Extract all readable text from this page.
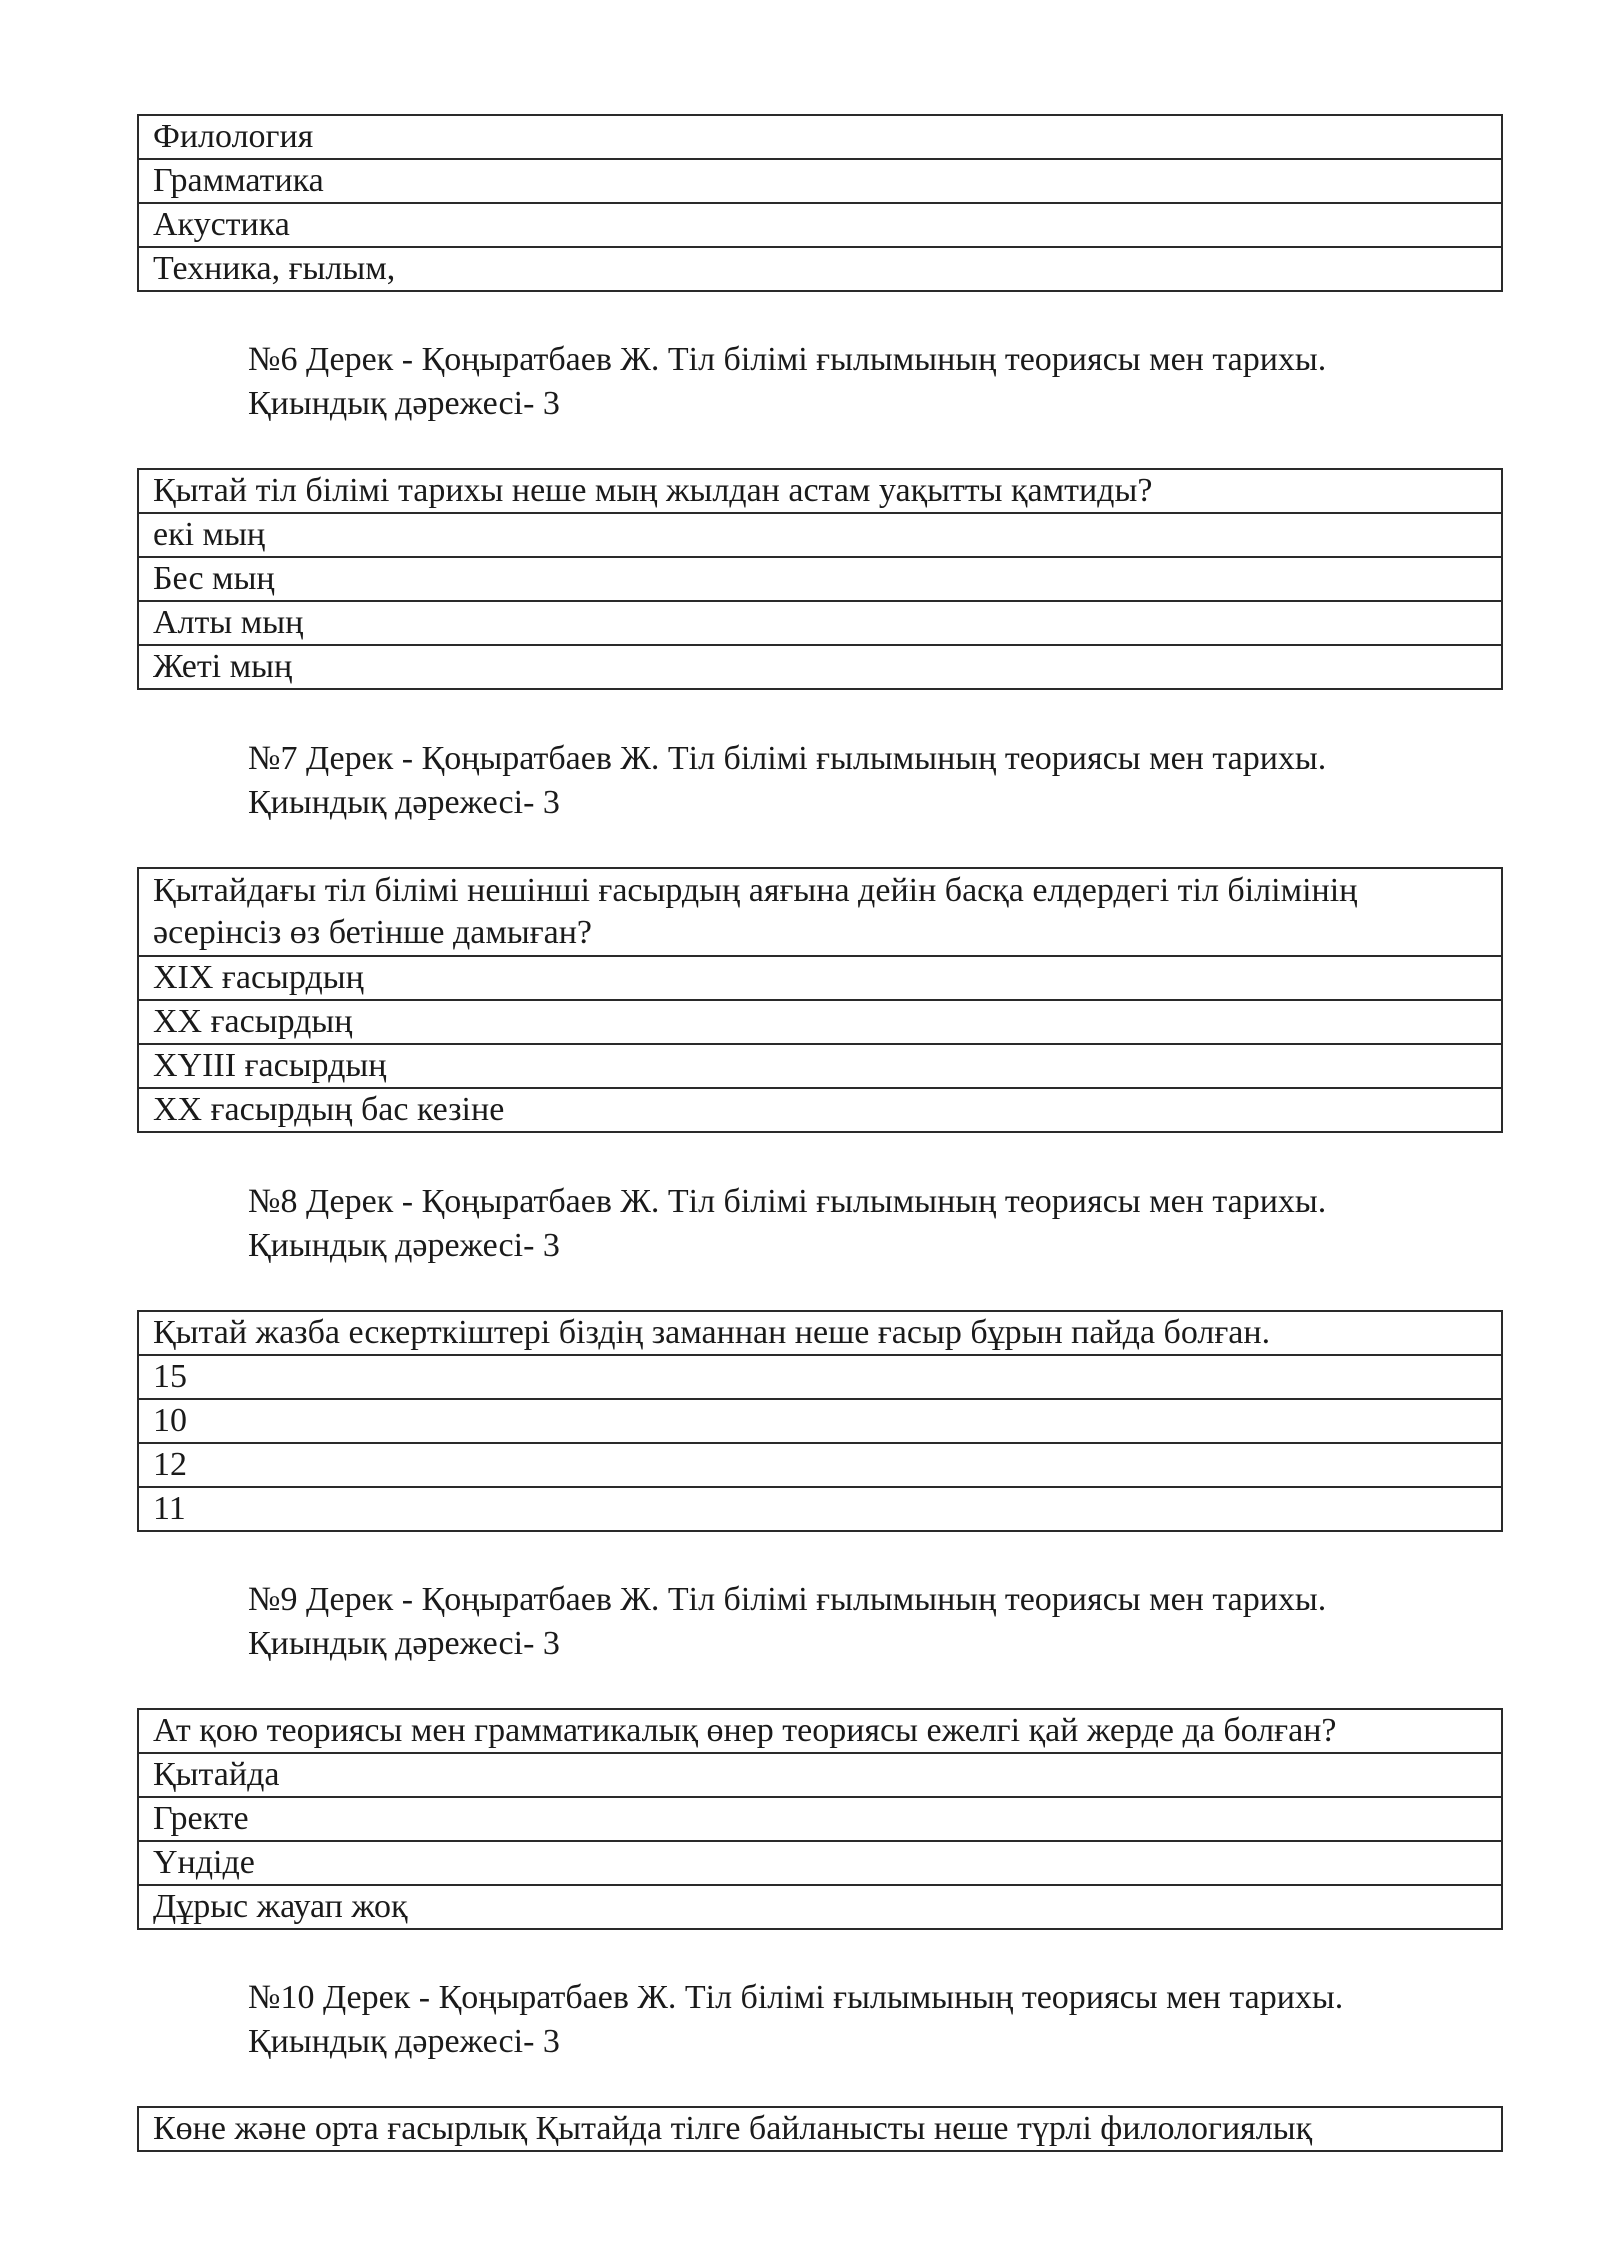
Филология
Грамматика
Акустика
Техника, ғылым,
№6 Дерек - Қоңыратбаев Ж. Тіл білімі ғылымының теориясы мен тарихы.
Қиындық дәрежесі- 3
Қытай тіл білімі тарихы неше мың жылдан астам уақытты қамтиды?
екі мың
Бес мың
Алты мың
Жеті мың
№7 Дерек - Қоңыратбаев Ж. Тіл білімі ғылымының теориясы мен тарихы.
Қиындық дәрежесі- 3
Қытайдағы тіл білімі нешінші ғасырдың аяғына дейін басқа елдердегі тіл білімінің әсерінсіз өз бетінше дамыған?
XIX ғасырдың
XX ғасырдың
XYIII ғасырдың
XX ғасырдың бас кезіне
№8 Дерек - Қоңыратбаев Ж. Тіл білімі ғылымының теориясы мен тарихы.
Қиындық дәрежесі- 3
Қытай жазба ескерткіштері біздің заманнан неше ғасыр бұрын пайда болған.
15
10
12
11
№9 Дерек - Қоңыратбаев Ж. Тіл білімі ғылымының теориясы мен тарихы.
Қиындық дәрежесі- 3
Ат қою теориясы мен грамматикалық өнер теориясы ежелгі қай жерде да болған?
Қытайда
Гректе
Үндіде
Дұрыс жауап жоқ
№10 Дерек - Қоңыратбаев Ж. Тіл білімі ғылымының теориясы мен тарихы.
Қиындық дәрежесі- 3
Көне және орта ғасырлық Қытайда тілге байланысты неше түрлі филологиялық
